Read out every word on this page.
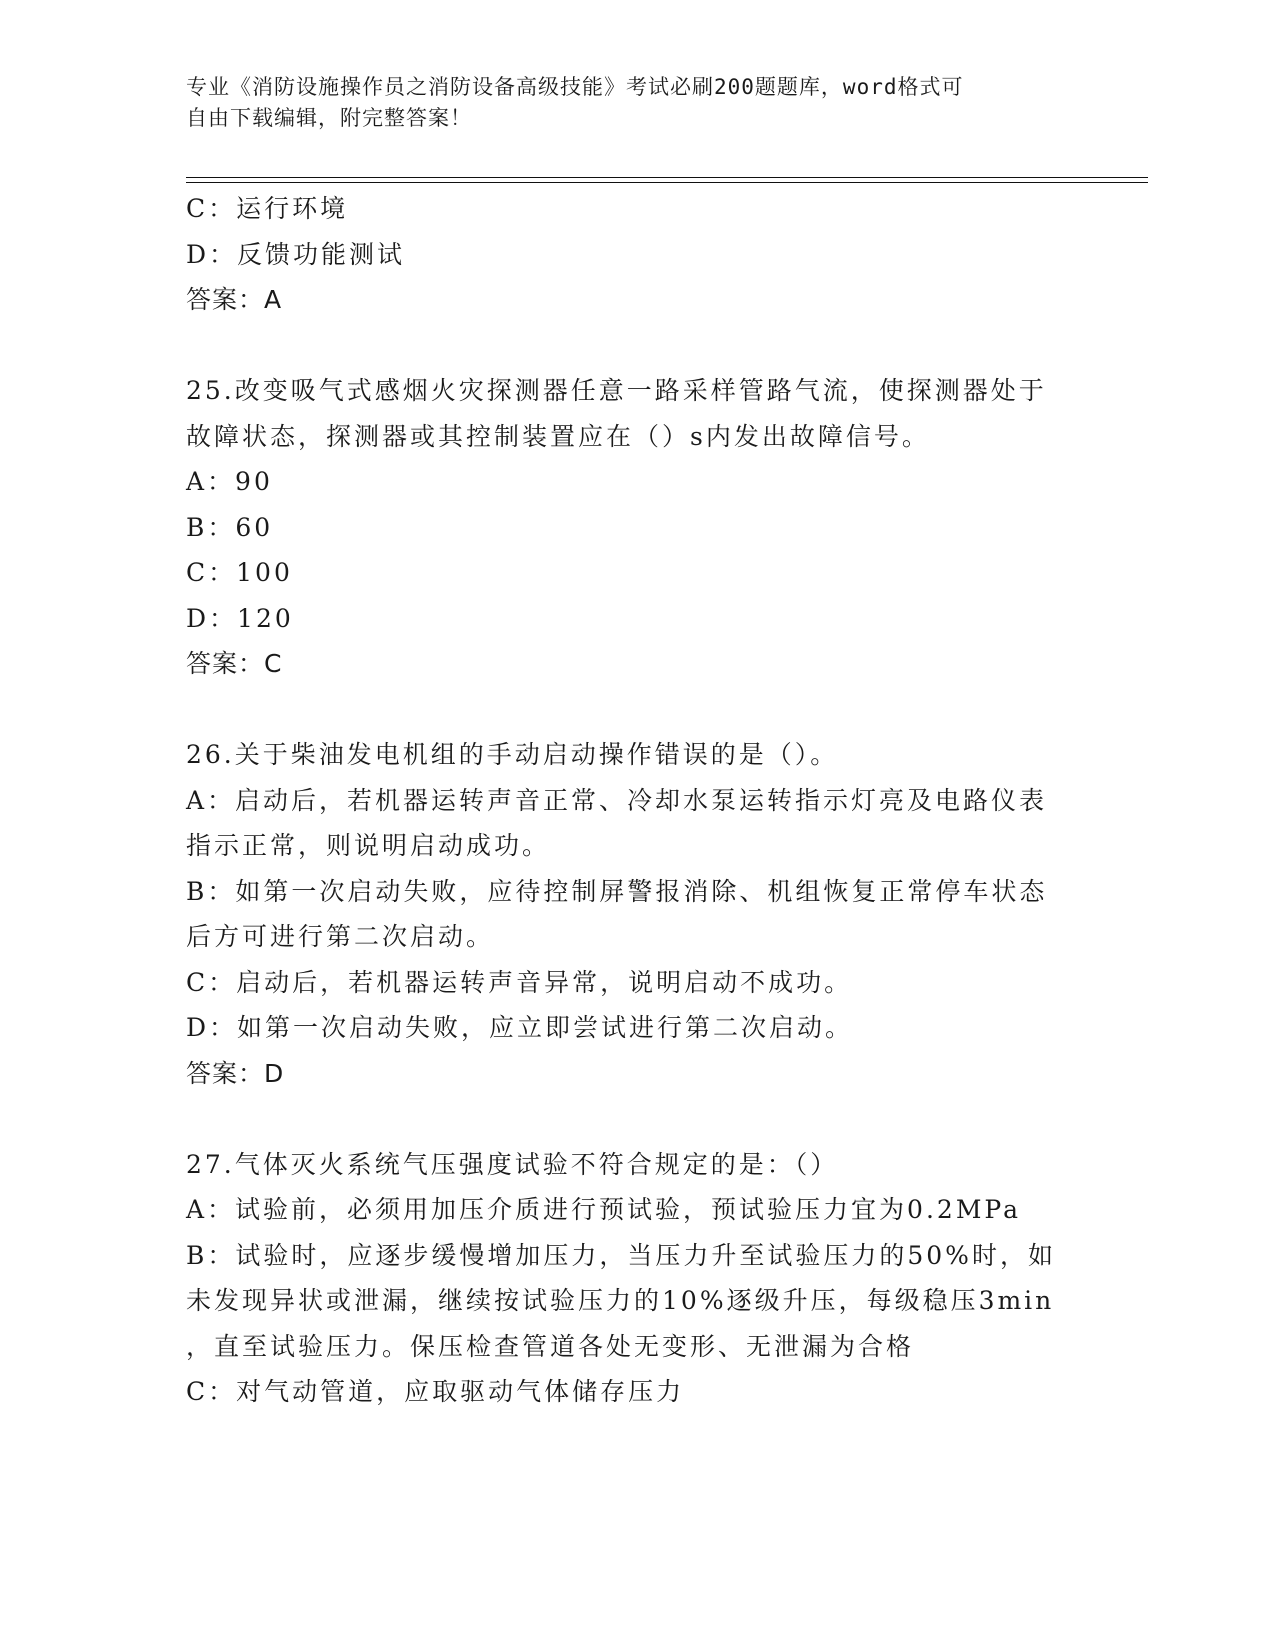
专业《消防设施操作员之消防设备高级技能》考试必刷200题题库，word格式可
自由下载编辑，附完整答案！
C：运行环境
D：反馈功能测试
答案：A
25.改变吸气式感烟火灾探测器任意一路采样管路气流，使探测器处于
故障状态，探测器或其控制装置应在（）s内发出故障信号。
A：90
B：60
C：100
D：120
答案：C
26.关于柴油发电机组的手动启动操作错误的是（）。
A：启动后，若机器运转声音正常、冷却水泵运转指示灯亮及电路仪表
指示正常，则说明启动成功。
B：如第一次启动失败，应待控制屏警报消除、机组恢复正常停车状态
后方可进行第二次启动。
C：启动后，若机器运转声音异常，说明启动不成功。
D：如第一次启动失败，应立即尝试进行第二次启动。
答案：D
27.气体灭火系统气压强度试验不符合规定的是：（）
A：试验前，必须用加压介质进行预试验，预试验压力宜为0.2MPa
B：试验时，应逐步缓慢增加压力，当压力升至试验压力的50%时，如
未发现异状或泄漏，继续按试验压力的10%逐级升压，每级稳压3min
，直至试验压力。保压检查管道各处无变形、无泄漏为合格
C：对气动管道，应取驱动气体储存压力
